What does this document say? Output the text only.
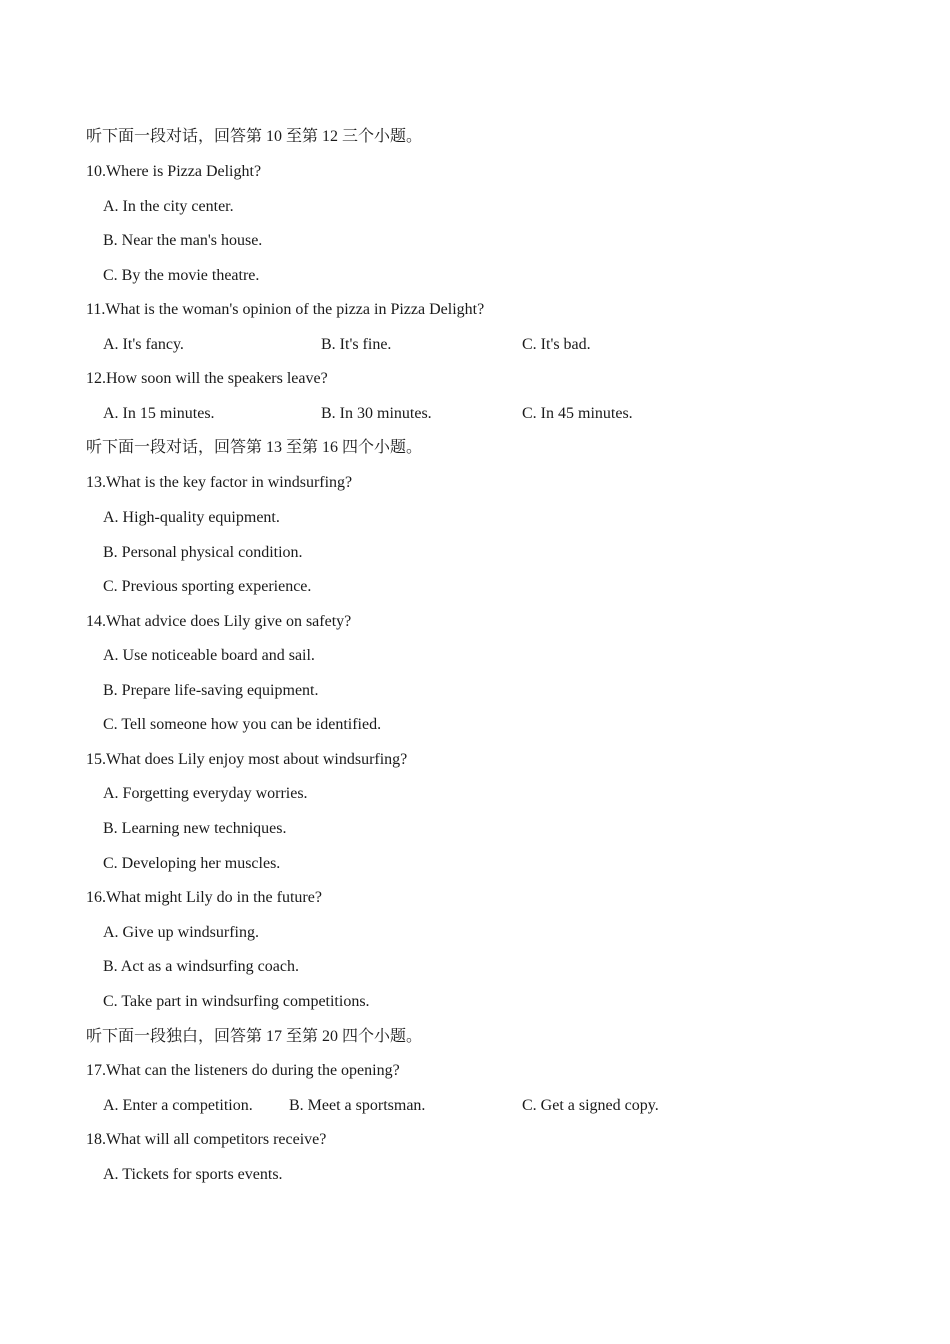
听下面一段对话，回答第 10 至第 12 三个小题。
10.Where is Pizza Delight?
A. In the city center.
B. Near the man's house.
C. By the movie theatre.
11.What is the woman's opinion of the pizza in Pizza Delight?
A. It's fancy.	B. It's fine.	C. It's bad.
12.How soon will the speakers leave?
A. In 15 minutes.	B. In 30 minutes.	C. In 45 minutes.
听下面一段对话，回答第 13 至第 16 四个小题。
13.What is the key factor in windsurfing?
A. High-quality equipment.
B. Personal physical condition.
C. Previous sporting experience.
14.What advice does Lily give on safety?
A. Use noticeable board and sail.
B. Prepare life-saving equipment.
C. Tell someone how you can be identified.
15.What does Lily enjoy most about windsurfing?
A. Forgetting everyday worries.
B. Learning new techniques.
C. Developing her muscles.
16.What might Lily do in the future?
A. Give up windsurfing.
B. Act as a windsurfing coach.
C. Take part in windsurfing competitions.
听下面一段独白，回答第 17 至第 20 四个小题。
17.What can the listeners do during the opening?
A. Enter a competition. B. Meet a sportsman.	C. Get a signed copy.
18.What will all competitors receive?
A. Tickets for sports events.
